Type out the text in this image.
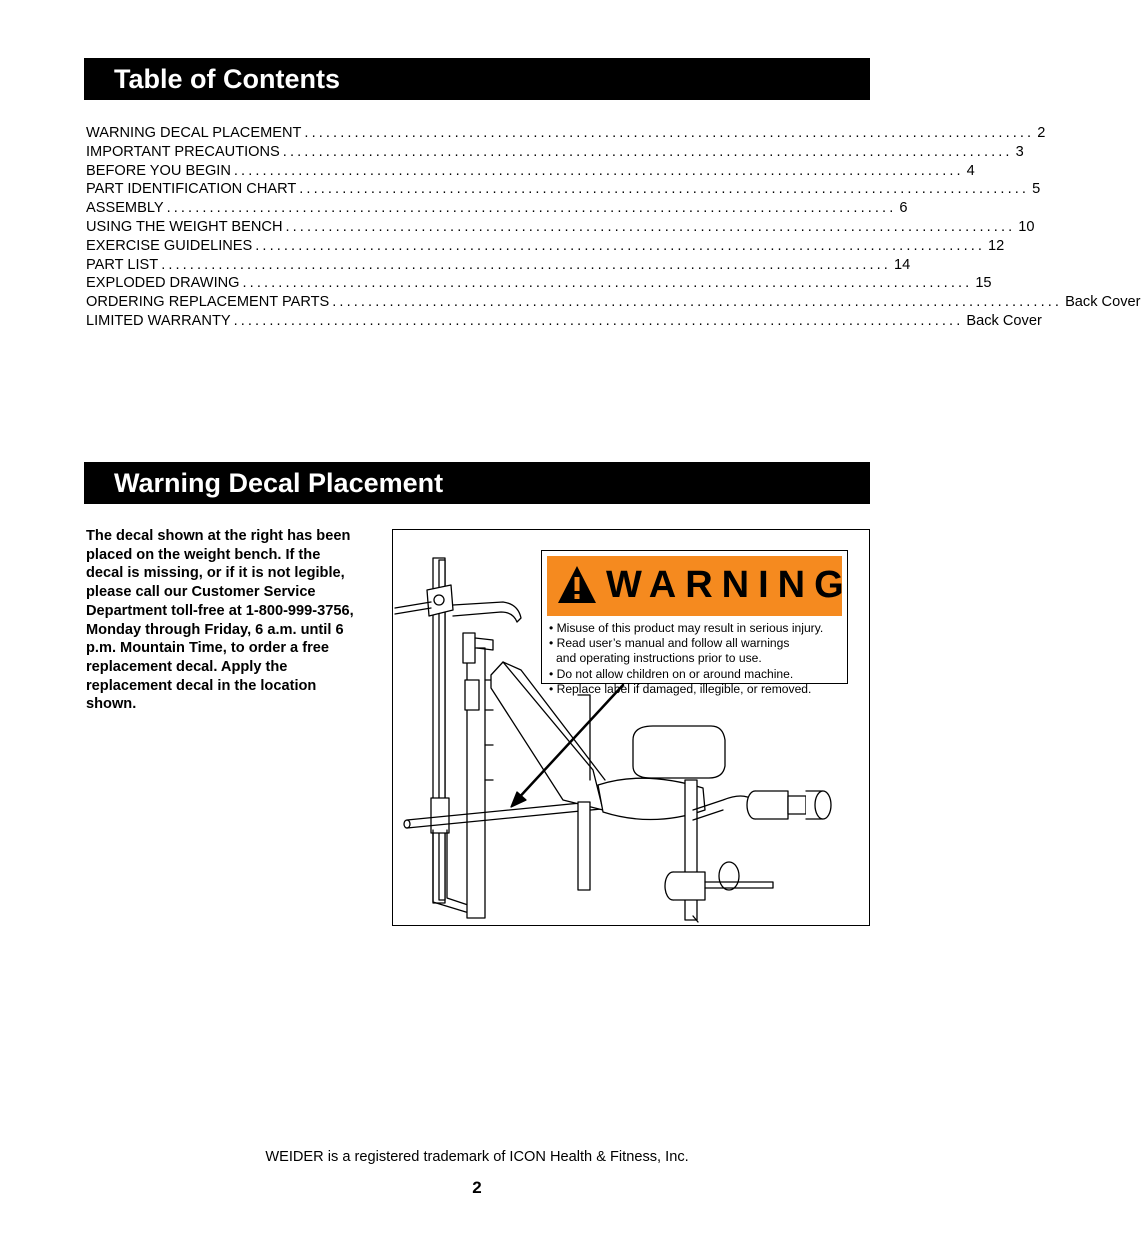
Table of Contents
WARNING DECAL PLACEMENT ...................................................................................................... 2
IMPORTANT PRECAUTIONS ...................................................................................................... 3
BEFORE YOU BEGIN ...................................................................................................... 4
PART IDENTIFICATION CHART ...................................................................................................... 5
ASSEMBLY ...................................................................................................... 6
USING THE WEIGHT BENCH ...................................................................................................... 10
EXERCISE GUIDELINES ...................................................................................................... 12
PART LIST ...................................................................................................... 14
EXPLODED DRAWING ...................................................................................................... 15
ORDERING REPLACEMENT PARTS ...................................................................................................... Back Cover
LIMITED WARRANTY ...................................................................................................... Back Cover
Warning Decal Placement
The decal shown at the right has been placed on the weight bench. If the decal is missing, or if it is not legible, please call our Customer Service Department toll-free at 1-800-999-3756, Monday through Friday, 6 a.m. until 6 p.m. Mountain Time, to order a free replacement decal. Apply the replacement decal in the location shown.
WARNING
• Misuse of this product may result in serious injury.
• Read user’s manual and follow all warnings
and operating instructions prior to use.
• Do not allow children on or around machine.
• Replace label if damaged, illegible, or removed.
WEIDER is a registered trademark of ICON Health & Fitness, Inc.
2
